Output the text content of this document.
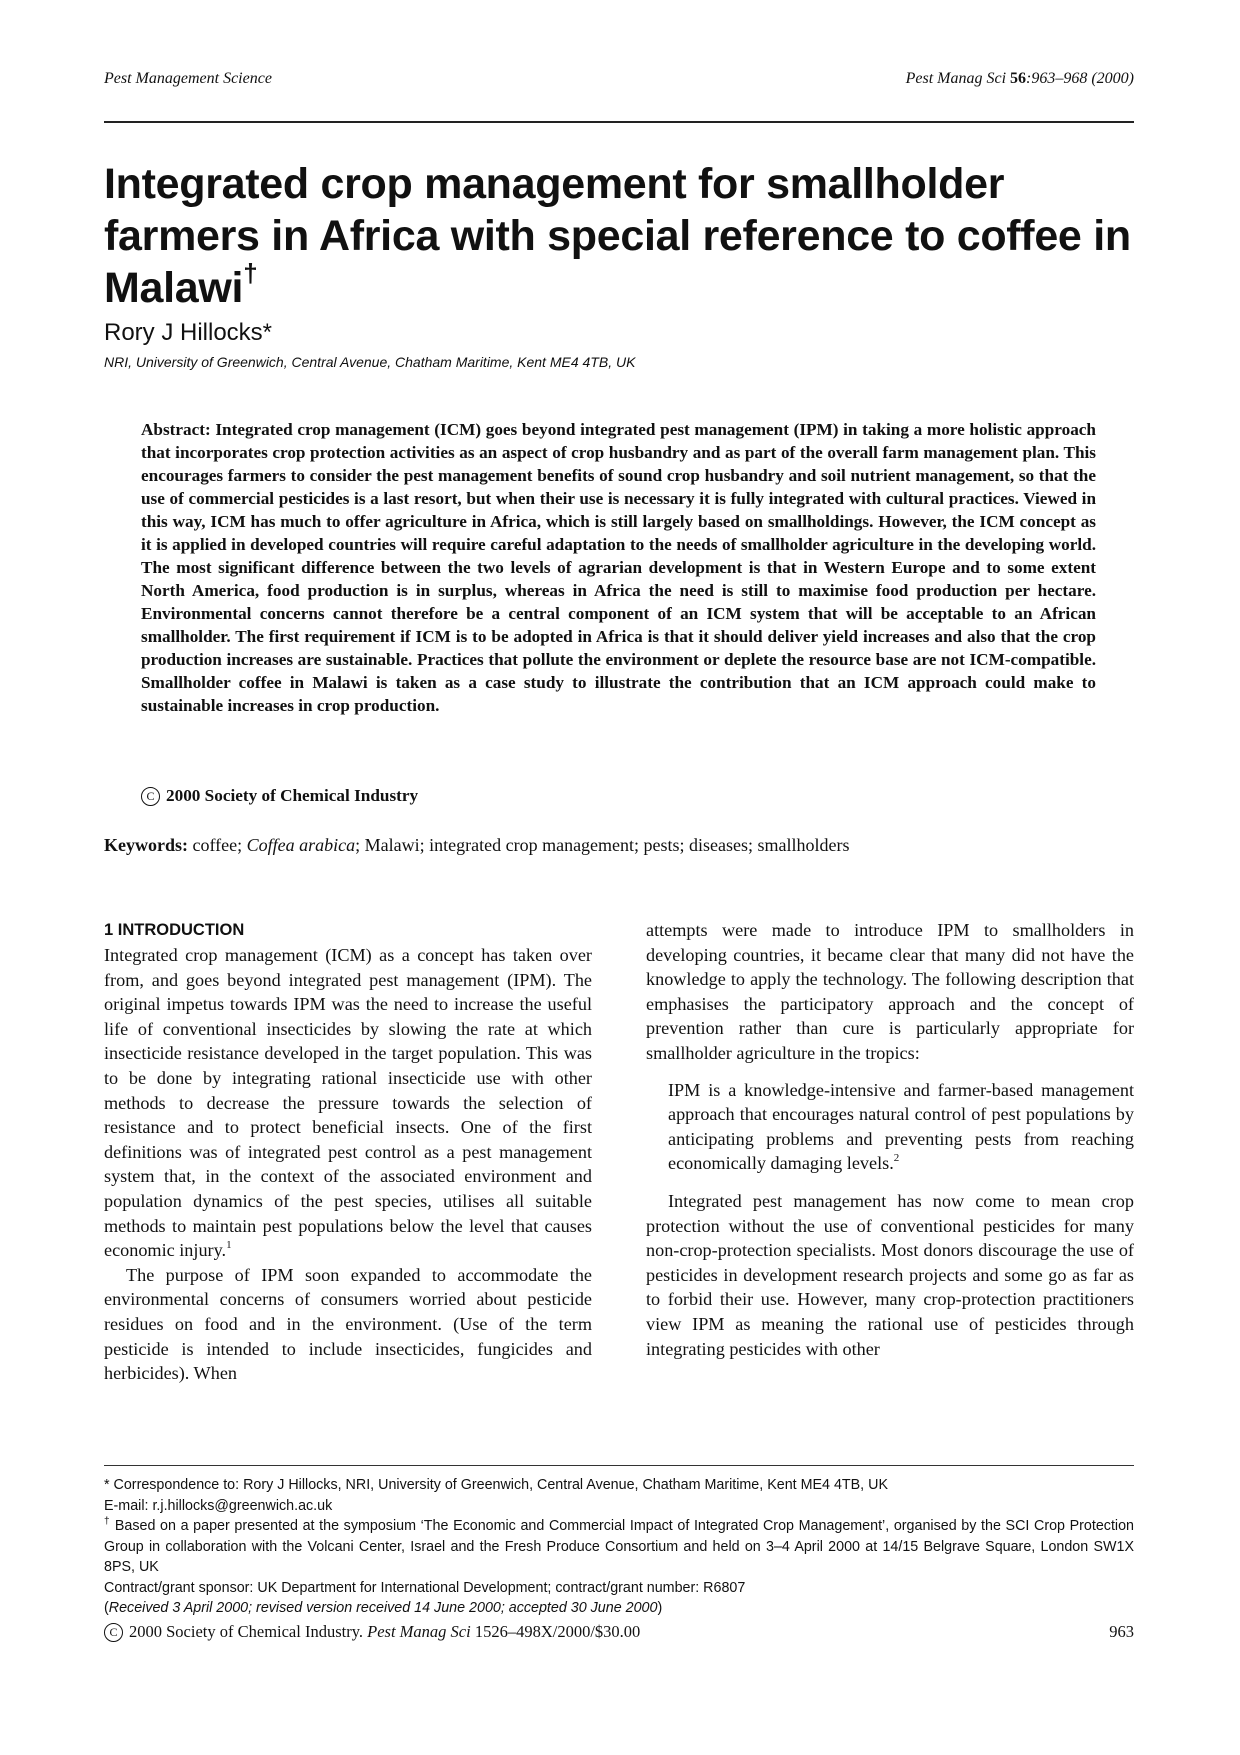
Pest Management Science	Pest Manag Sci 56:963–968 (2000)
Integrated crop management for smallholder farmers in Africa with special reference to coffee in Malawi†

Rory J Hillocks*

NRI, University of Greenwich, Central Avenue, Chatham Maritime, Kent ME4 4TB, UK

Abstract: Integrated crop management (ICM) goes beyond integrated pest management (IPM) in taking a more holistic approach that incorporates crop protection activities as an aspect of crop husbandry and as part of the overall farm management plan. This encourages farmers to consider the pest management benefits of sound crop husbandry and soil nutrient management, so that the use of commercial pesticides is a last resort, but when their use is necessary it is fully integrated with cultural practices. Viewed in this way, ICM has much to offer agriculture in Africa, which is still largely based on smallholdings. However, the ICM concept as it is applied in developed countries will require careful adaptation to the needs of smallholder agriculture in the developing world. The most significant difference between the two levels of agrarian development is that in Western Europe and to some extent North America, food production is in surplus, whereas in Africa the need is still to maximise food production per hectare. Environmental concerns cannot therefore be a central component of an ICM system that will be acceptable to an African smallholder. The first requirement if ICM is to be adopted in Africa is that it should deliver yield increases and also that the crop production increases are sustainable. Practices that pollute the environment or deplete the resource base are not ICM-compatible. Smallholder coffee in Malawi is taken as a case study to illustrate the contribution that an ICM approach could make to sustainable increases in crop production.

C 2000 Society of Chemical Industry
Keywords: coffee; Coffea arabica; Malawi; integrated crop management; pests; diseases; smallholders
1 INTRODUCTION

Integrated crop management (ICM) as a concept has taken over from, and goes beyond integrated pest management (IPM). The original impetus towards IPM was the need to increase the useful life of conventional insecticides by slowing the rate at which insecticide resistance developed in the target population. This was to be done by integrating rational insecticide use with other methods to decrease the pressure towards the selection of resistance and to protect beneficial insects. One of the first definitions was of integrated pest control as a pest management system that, in the context of the associated environment and population dynamics of the pest species, utilises all suitable methods to maintain pest populations below the level that causes economic injury.$^1$

The purpose of IPM soon expanded to accommodate the environmental concerns of consumers worried about pesticide residues on food and in the environment. (Use of the term pesticide is intended to include insecticides, fungicides and herbicides). When

attempts were made to introduce IPM to smallholders in developing countries, it became clear that many did not have the knowledge to apply the technology. The following description that emphasises the participatory approach and the concept of prevention rather than cure is particularly appropriate for smallholder agriculture in the tropics:

IPM is a knowledge-intensive and farmer-based management approach that encourages natural control of pest populations by anticipating problems and preventing pests from reaching economically damaging levels.$^2$

Integrated pest management has now come to mean crop protection without the use of conventional pesticides for many non-crop-protection specialists. Most donors discourage the use of pesticides in development research projects and some go as far as to forbid their use. However, many crop-protection practitioners view IPM as meaning the rational use of pesticides through integrating pesticides with other

* Correspondence to: Rory J Hillocks, NRI, University of Greenwich, Central Avenue, Chatham Maritime, Kent ME4 4TB, UK

E-mail: r.j.hillocks@greenwich.ac.uk

† Based on a paper presented at the symposium ‘The Economic and Commercial Impact of Integrated Crop Management’, organised by the SCI Crop Protection Group in collaboration with the Volcani Center, Israel and the Fresh Produce Consortium and held on 3–4 April 2000 at 14/15 Belgrave Square, London SW1X 8PS, UK

Contract/grant sponsor: UK Department for International Development; contract/grant number: R6807

(Received 3 April 2000; revised version received 14 June 2000; accepted 30 June 2000)

C 2000 Society of Chemical Industry. Pest Manag Sci 1526–498X/2000/$30.00	963
